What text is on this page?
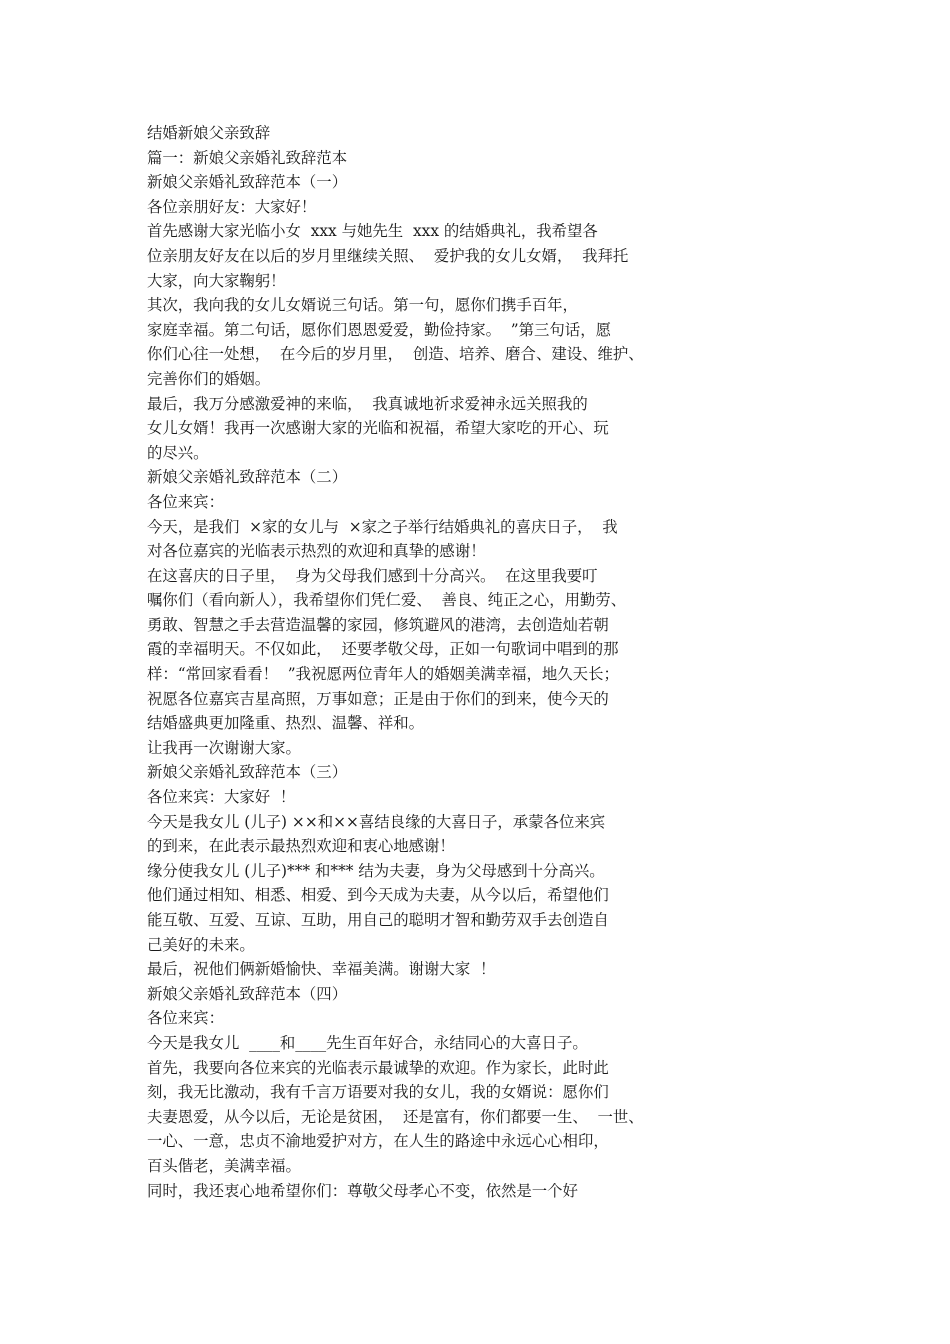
结婚新娘父亲致辞
篇一：新娘父亲婚礼致辞范本
新娘父亲婚礼致辞范本（一）
各位亲朋好友：大家好！
首先感谢大家光临小女  xxx 与她先生  xxx 的结婚典礼，我希望各
位亲朋友好友在以后的岁月里继续关照、  爱护我的女儿女婿，  我拜托
大家，向大家鞠躬！
其次，我向我的女儿女婿说三句话。第一句，愿你们携手百年，
家庭幸福。第二句话，愿你们恩恩爱爱，勤俭持家。  ”第三句话，愿
你们心往一处想，  在今后的岁月里，  创造、培养、磨合、建设、维护、
完善你们的婚姻。
最后，我万分感激爱神的来临，  我真诚地祈求爱神永远关照我的
女儿女婿！我再一次感谢大家的光临和祝福，希望大家吃的开心、玩
的尽兴。
新娘父亲婚礼致辞范本（二）
各位来宾：
今天，是我们  ×家的女儿与  ×家之子举行结婚典礼的喜庆日子，  我
对各位嘉宾的光临表示热烈的欢迎和真挚的感谢！
在这喜庆的日子里，  身为父母我们感到十分高兴。  在这里我要叮
嘱你们（看向新人），我希望你们凭仁爱、  善良、纯正之心，用勤劳、
勇敢、智慧之手去营造温馨的家园，修筑避风的港湾，去创造灿若朝
霞的幸福明天。不仅如此，  还要孝敬父母，正如一句歌词中唱到的那
样：“常回家看看！  ”我祝愿两位青年人的婚姻美满幸福，地久天长；
祝愿各位嘉宾吉星高照，万事如意；正是由于你们的到来，使今天的
结婚盛典更加隆重、热烈、温馨、祥和。
让我再一次谢谢大家。
新娘父亲婚礼致辞范本（三）
各位来宾：大家好  ！
今天是我女儿 (儿子) ××和××喜结良缘的大喜日子，承蒙各位来宾
的到来，在此表示最热烈欢迎和衷心地感谢！
缘分使我女儿 (儿子)*** 和*** 结为夫妻，身为父母感到十分高兴。
他们通过相知、相悉、相爱、到今天成为夫妻，从今以后，希望他们
能互敬、互爱、互谅、互助，用自己的聪明才智和勤劳双手去创造自
己美好的未来。
最后，祝他们俩新婚愉快、幸福美满。谢谢大家  ！
新娘父亲婚礼致辞范本（四）
各位来宾：
今天是我女儿  ____和____先生百年好合，永结同心的大喜日子。
首先，我要向各位来宾的光临表示最诚挚的欢迎。作为家长，此时此
刻，我无比激动，我有千言万语要对我的女儿，我的女婿说：愿你们
夫妻恩爱，从今以后，无论是贫困，  还是富有，你们都要一生、  一世、
一心、一意，忠贞不渝地爱护对方，在人生的路途中永远心心相印，
百头偕老，美满幸福。
同时，我还衷心地希望你们：尊敬父母孝心不变，依然是一个好
